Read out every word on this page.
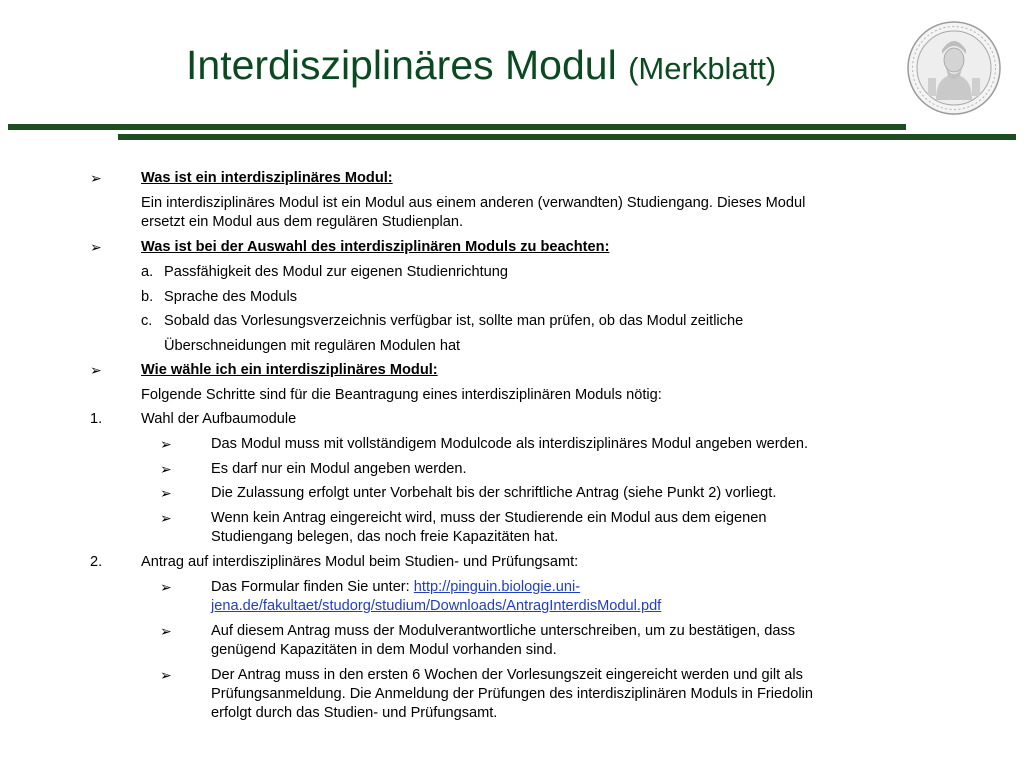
Interdisziplinäres Modul (Merkblatt)
➢	Was ist ein interdisziplinäres Modul:
Ein interdisziplinäres Modul ist ein Modul aus einem anderen (verwandten) Studiengang. Dieses Modul
ersetzt ein Modul aus dem regulären Studienplan.
➢	Was ist bei der Auswahl des interdisziplinären Moduls zu beachten:
a. Passfähigkeit des Modul zur eigenen Studienrichtung
b. Sprache des Moduls
c. Sobald das Vorlesungsverzeichnis verfügbar ist, sollte man prüfen, ob das Modul zeitliche
Überschneidungen mit regulären Modulen hat
➢	Wie wähle ich ein interdisziplinäres Modul:
Folgende Schritte sind für die Beantragung eines interdisziplinären Moduls nötig:
1.	Wahl der Aufbaumodule
➢	Das Modul muss mit vollständigem Modulcode als interdisziplinäres Modul angeben werden.
➢	Es darf nur ein Modul angeben werden.
➢	Die Zulassung erfolgt unter Vorbehalt bis der schriftliche Antrag (siehe Punkt 2) vorliegt.
➢	Wenn kein Antrag eingereicht wird, muss der Studierende ein Modul aus dem eigenen
Studiengang belegen, das noch freie Kapazitäten hat.
2.	Antrag auf interdisziplinäres Modul beim Studien- und Prüfungsamt:
➢	Das Formular finden Sie unter: http://pinguin.biologie.uni-
jena.de/fakultaet/studorg/studium/Downloads/AntragInterdisModul.pdf
➢	Auf diesem Antrag muss der Modulverantwortliche unterschreiben, um zu bestätigen, dass
genügend Kapazitäten in dem Modul vorhanden sind.
➢	Der Antrag muss in den ersten 6 Wochen der Vorlesungszeit eingereicht werden und gilt als
Prüfungsanmeldung. Die Anmeldung der Prüfungen des interdisziplinären Moduls in Friedolin
erfolgt durch das Studien- und Prüfungsamt.
